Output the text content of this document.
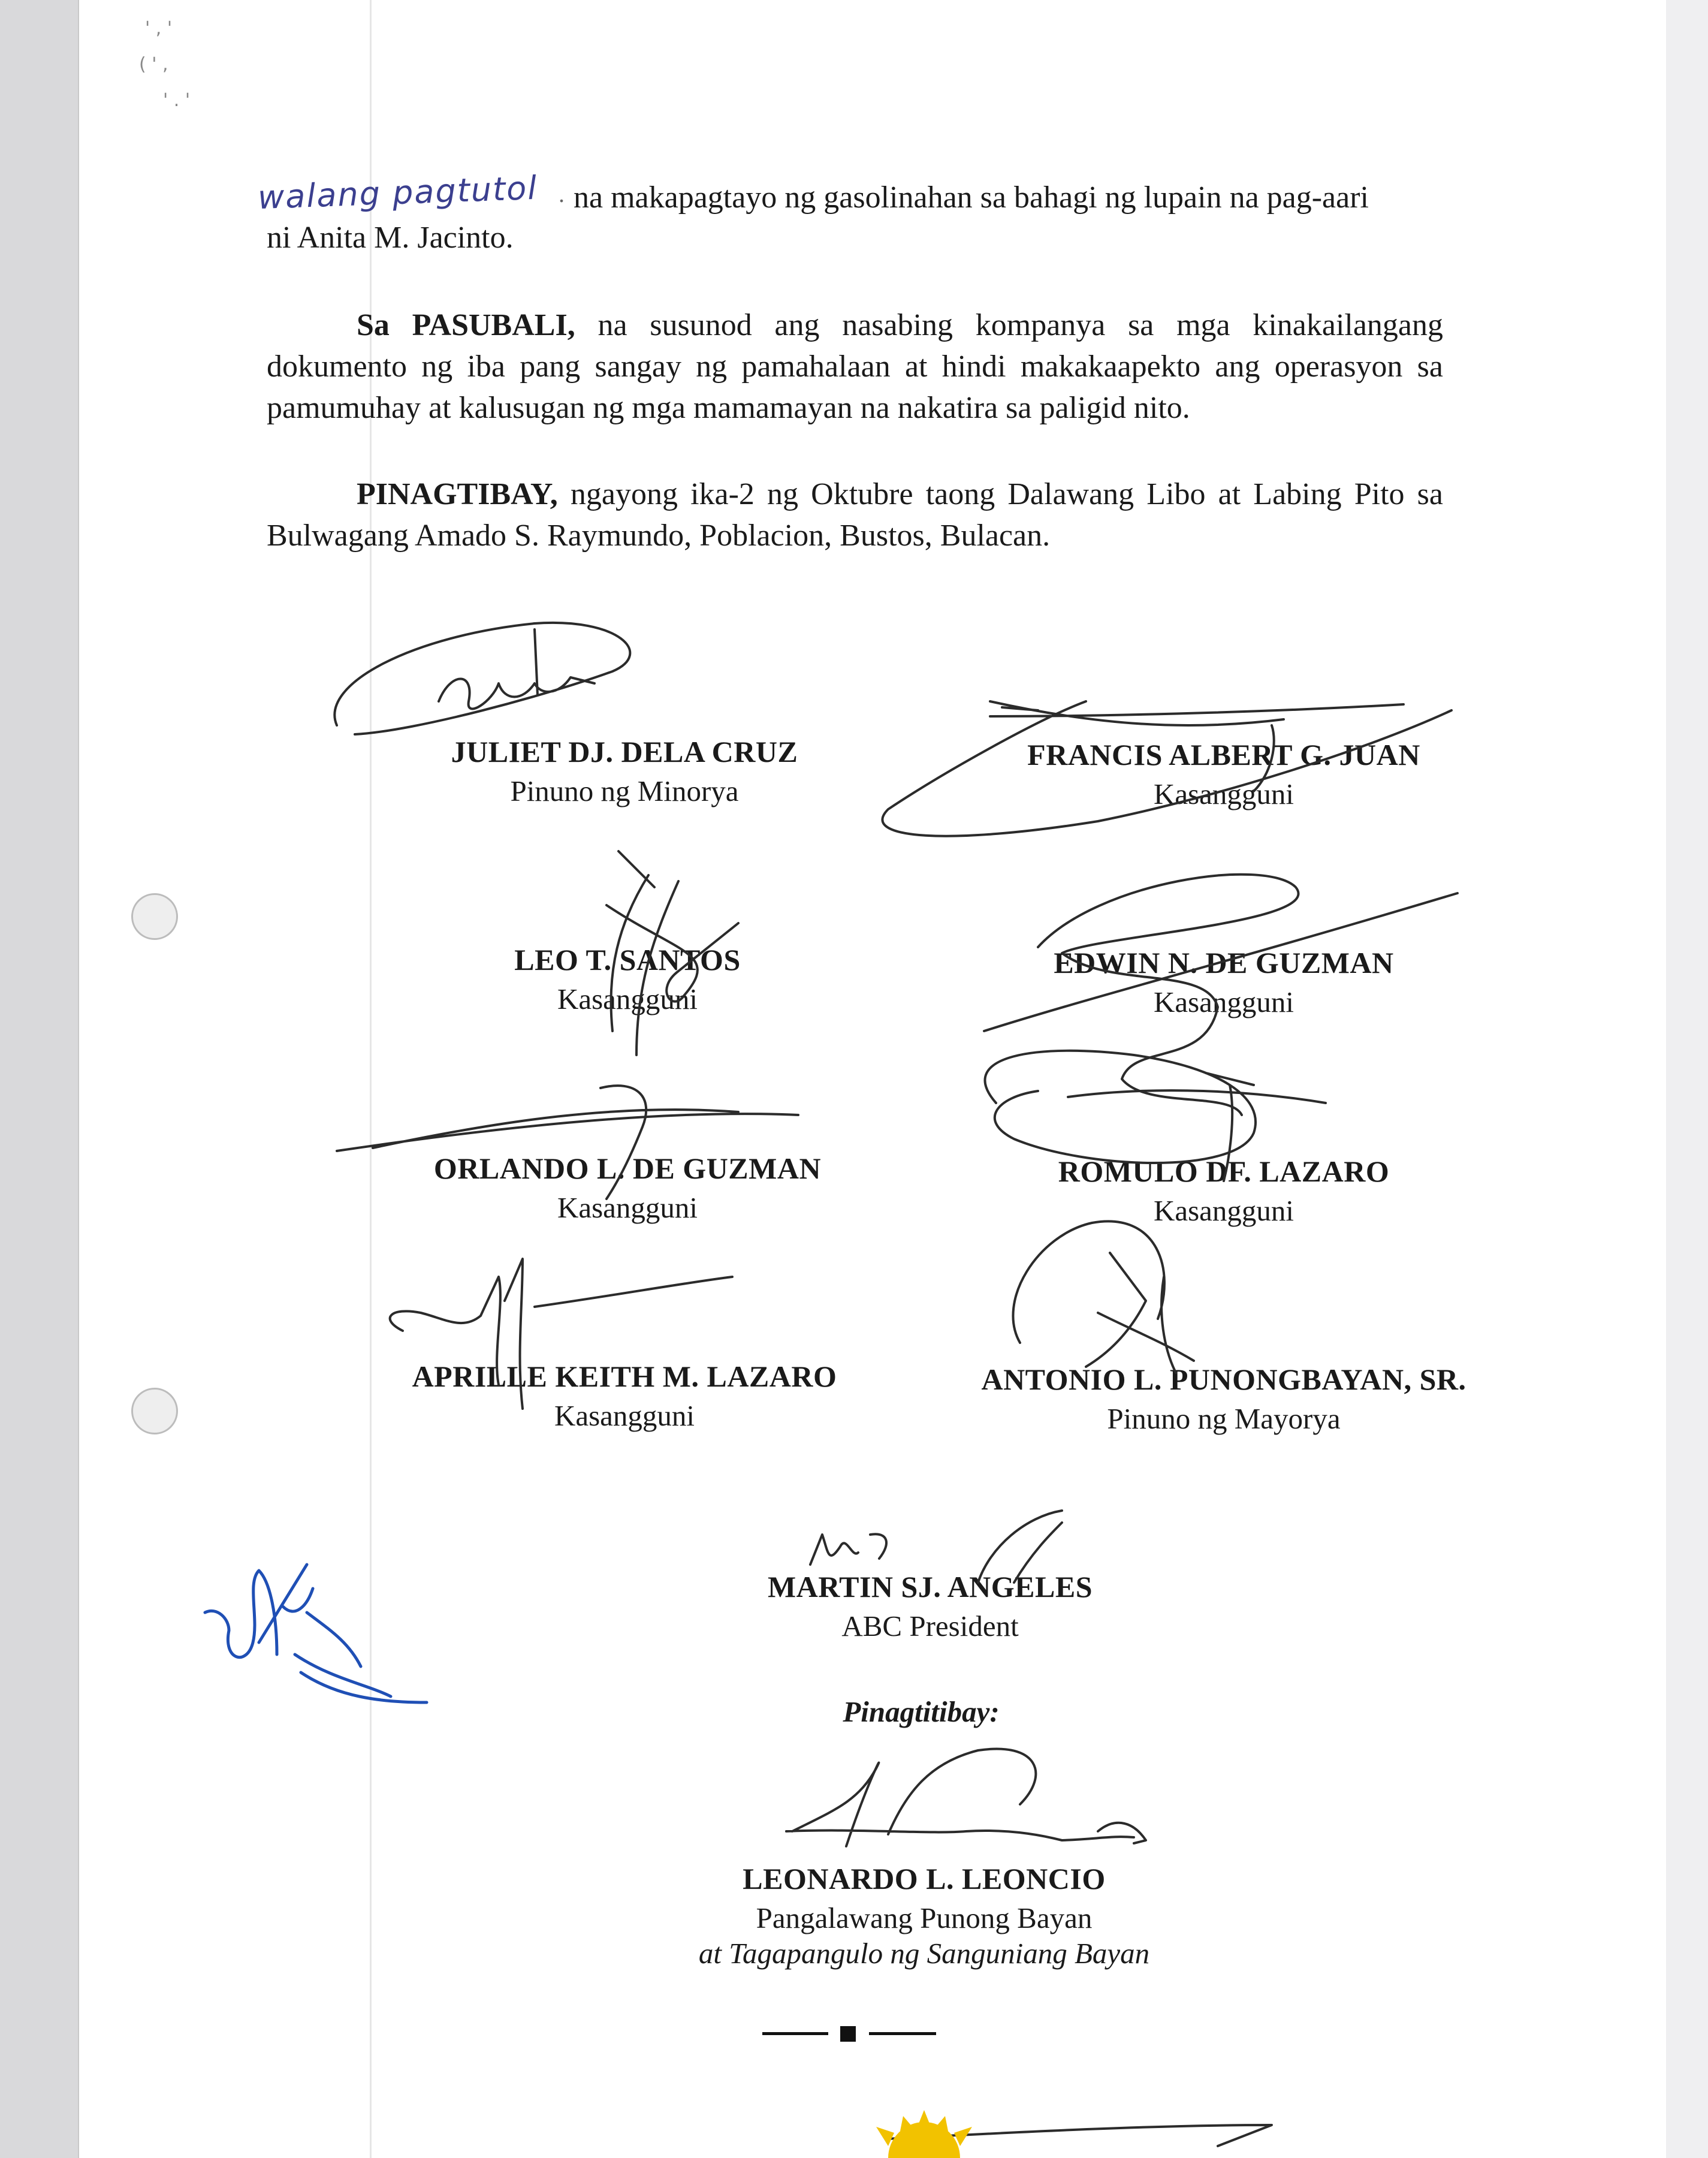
' , '
( ' ,
' . '
walang pagtutol . na makapagtayo ng gasolinahan sa bahagi ng lupain na pag-aari
ni Anita M. Jacinto.
Sa PASUBALI, na susunod ang nasabing kompanya sa mga kinakailangang dokumento ng iba pang sangay ng pamahalaan at hindi makakaapekto ang operasyon sa pamumuhay at kalusugan ng mga mamamayan na nakatira sa paligid nito.
PINAGTIBAY, ngayong ika-2 ng Oktubre taong Dalawang Libo at Labing Pito sa Bulwagang Amado S. Raymundo, Poblacion, Bustos, Bulacan.
JULIET DJ. DELA CRUZ
Pinuno ng Minorya
FRANCIS ALBERT G. JUAN
Kasangguni
LEO T. SANTOS
Kasangguni
EDWIN N. DE GUZMAN
Kasangguni
ORLANDO L. DE GUZMAN
Kasangguni
ROMULO DF. LAZARO
Kasangguni
APRILLE KEITH M. LAZARO
Kasangguni
ANTONIO L. PUNONGBAYAN, SR.
Pinuno ng Mayorya
MARTIN SJ. ANGELES
ABC President
Pinagtitibay:
LEONARDO L. LEONCIO
Pangalawang Punong Bayan
at Tagapangulo ng Sanguniang Bayan
